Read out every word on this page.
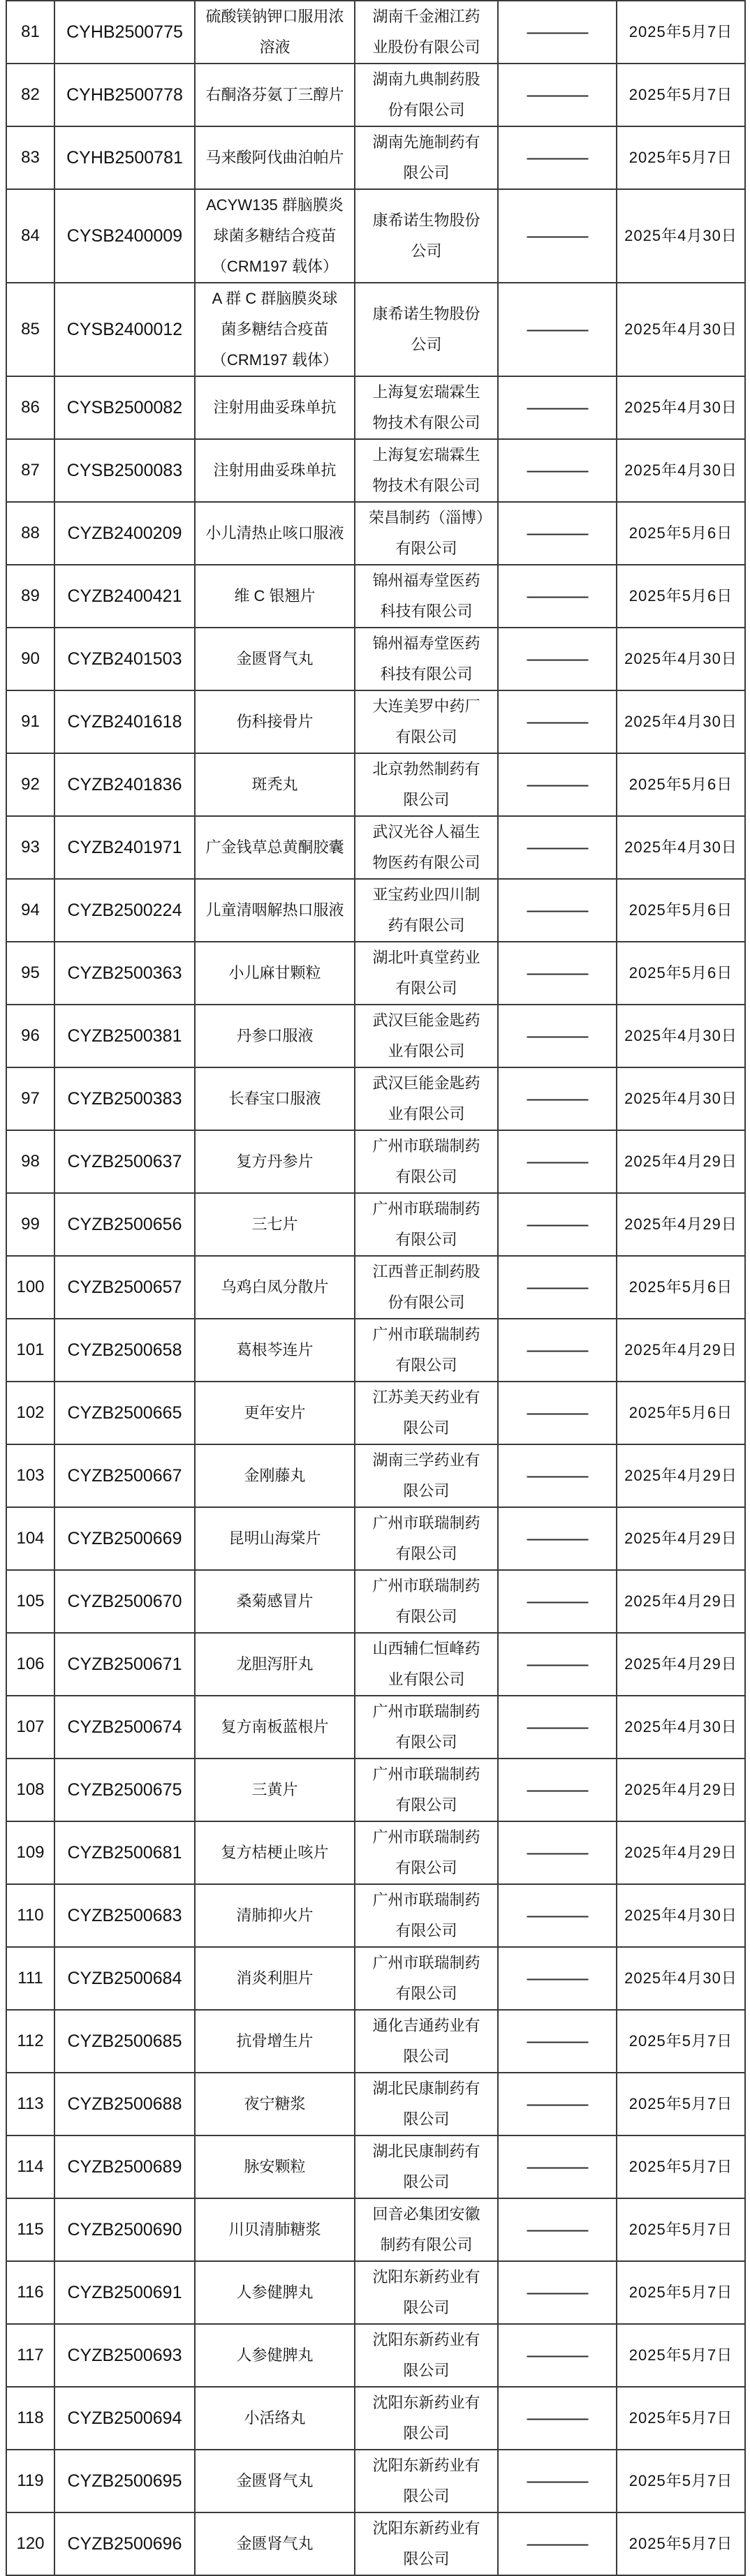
81	CYHB2500775	硫酸镁钠钾口服用浓溶液	湖南千金湘江药业股份有限公司	———	2025年5月7日
82	CYHB2500778	右酮洛芬氨丁三醇片	湖南九典制药股份有限公司	———	2025年5月7日
83	CYHB2500781	马来酸阿伐曲泊帕片	湖南先施制药有限公司	———	2025年5月7日
84	CYSB2400009	ACYW135 群脑膜炎球菌多糖结合疫苗（CRM197 载体）	康希诺生物股份公司	———	2025年4月30日
85	CYSB2400012	A 群 C 群脑膜炎球菌多糖结合疫苗（CRM197 载体）	康希诺生物股份公司	———	2025年4月30日
86	CYSB2500082	注射用曲妥珠单抗	上海复宏瑞霖生物技术有限公司	———	2025年4月30日
87	CYSB2500083	注射用曲妥珠单抗	上海复宏瑞霖生物技术有限公司	———	2025年4月30日
88	CYZB2400209	小儿清热止咳口服液	荣昌制药（淄博）有限公司	———	2025年5月6日
89	CYZB2400421	维 C 银翘片	锦州福寿堂医药科技有限公司	———	2025年5月6日
90	CYZB2401503	金匮肾气丸	锦州福寿堂医药科技有限公司	———	2025年4月30日
91	CYZB2401618	伤科接骨片	大连美罗中药厂有限公司	———	2025年4月30日
92	CYZB2401836	斑秃丸	北京勃然制药有限公司	———	2025年5月6日
93	CYZB2401971	广金钱草总黄酮胶囊	武汉光谷人福生物医药有限公司	———	2025年4月30日
94	CYZB2500224	儿童清咽解热口服液	亚宝药业四川制药有限公司	———	2025年5月6日
95	CYZB2500363	小儿麻甘颗粒	湖北叶真堂药业有限公司	———	2025年5月6日
96	CYZB2500381	丹参口服液	武汉巨能金匙药业有限公司	———	2025年4月30日
97	CYZB2500383	长春宝口服液	武汉巨能金匙药业有限公司	———	2025年4月30日
98	CYZB2500637	复方丹参片	广州市联瑞制药有限公司	———	2025年4月29日
99	CYZB2500656	三七片	广州市联瑞制药有限公司	———	2025年4月29日
100	CYZB2500657	乌鸡白凤分散片	江西普正制药股份有限公司	———	2025年5月6日
101	CYZB2500658	葛根芩连片	广州市联瑞制药有限公司	———	2025年4月29日
102	CYZB2500665	更年安片	江苏美天药业有限公司	———	2025年5月6日
103	CYZB2500667	金刚藤丸	湖南三学药业有限公司	———	2025年4月29日
104	CYZB2500669	昆明山海棠片	广州市联瑞制药有限公司	———	2025年4月29日
105	CYZB2500670	桑菊感冒片	广州市联瑞制药有限公司	———	2025年4月29日
106	CYZB2500671	龙胆泻肝丸	山西辅仁恒峰药业有限公司	———	2025年4月29日
107	CYZB2500674	复方南板蓝根片	广州市联瑞制药有限公司	———	2025年4月30日
108	CYZB2500675	三黄片	广州市联瑞制药有限公司	———	2025年4月29日
109	CYZB2500681	复方桔梗止咳片	广州市联瑞制药有限公司	———	2025年4月29日
110	CYZB2500683	清肺抑火片	广州市联瑞制药有限公司	———	2025年4月30日
111	CYZB2500684	消炎利胆片	广州市联瑞制药有限公司	———	2025年4月30日
112	CYZB2500685	抗骨增生片	通化吉通药业有限公司	———	2025年5月7日
113	CYZB2500688	夜宁糖浆	湖北民康制药有限公司	———	2025年5月7日
114	CYZB2500689	脉安颗粒	湖北民康制药有限公司	———	2025年5月7日
115	CYZB2500690	川贝清肺糖浆	回音必集团安徽制药有限公司	———	2025年5月7日
116	CYZB2500691	人参健脾丸	沈阳东新药业有限公司	———	2025年5月7日
117	CYZB2500693	人参健脾丸	沈阳东新药业有限公司	———	2025年5月7日
118	CYZB2500694	小活络丸	沈阳东新药业有限公司	———	2025年5月7日
119	CYZB2500695	金匮肾气丸	沈阳东新药业有限公司	———	2025年5月7日
120	CYZB2500696	金匮肾气丸	沈阳东新药业有限公司	———	2025年5月7日
